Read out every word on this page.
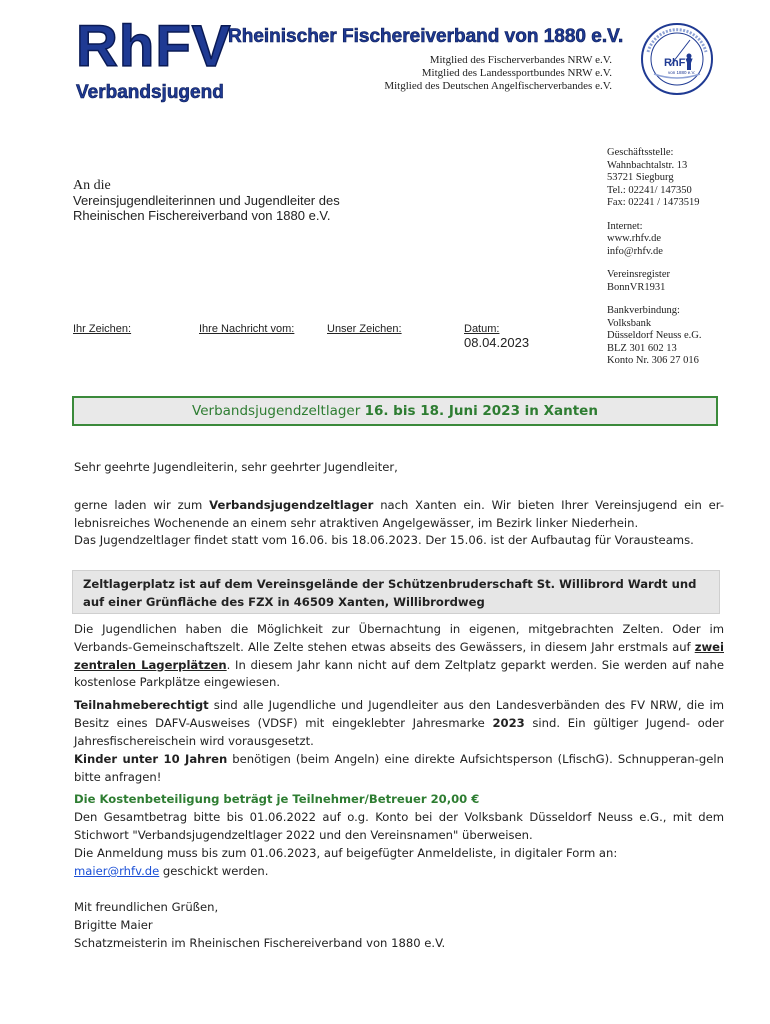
RhFV
Verbandsjugend
Rheinischer Fischereiverband von 1880 e.V.
Mitglied des Fischerverbandes NRW e.V.
Mitglied des Landessportbundes NRW e.V.
Mitglied des Deutschen Angelfischerverbandes e.V.
RhFV
von 1880 e.V.
An die
Vereinsjugendleiterinnen und Jugendleiter des
Rheinischen Fischereiverband von 1880 e.V.
Geschäftsstelle:
Wahnbachtalstr. 13
53721 Siegburg
Tel.: 02241/ 147350
Fax: 02241 / 1473519
Internet:
www.rhfv.de
info@rhfv.de
Vereinsregister
BonnVR1931
Bankverbindung:
Volksbank
Düsseldorf Neuss e.G.
BLZ 301 602 13
Konto Nr. 306 27 016
Ihr Zeichen:	Ihre Nachricht vom:	Unser Zeichen:	Datum:
08.04.2023
Verbandsjugendzeltlager 16. bis 18. Juni 2023 in Xanten
Sehr geehrte Jugendleiterin, sehr geehrter Jugendleiter,
gerne laden wir zum Verbandsjugendzeltlager nach Xanten ein. Wir bieten Ihrer Vereinsjugend ein er-lebnisreiches Wochenende an einem sehr atraktiven Angelgewässer, im Bezirk linker Niederhein.
Das Jugendzeltlager findet statt vom 16.06. bis 18.06.2023. Der 15.06. ist der Aufbautag für Vorausteams.
Zeltlagerplatz ist auf dem Vereinsgelände der Schützenbruderschaft St. Willibrord Wardt und auf einer Grünfläche des FZX in 46509 Xanten, Willibrordweg
Die Jugendlichen haben die Möglichkeit zur Übernachtung in eigenen, mitgebrachten Zelten. Oder im Verbands-Gemeinschaftszelt. Alle Zelte stehen etwas abseits des Gewässers, in diesem Jahr erstmals auf zwei zentralen Lagerplätzen. In diesem Jahr kann nicht auf dem Zeltplatz geparkt werden. Sie werden auf nahe kostenlose Parkplätze eingewiesen.
Teilnahmeberechtigt sind alle Jugendliche und Jugendleiter aus den Landesverbänden des FV NRW, die im Besitz eines DAFV-Ausweises (VDSF) mit eingeklebter Jahresmarke 2023 sind. Ein gültiger Jugend- oder Jahresfischereischein wird vorausgesetzt.
Kinder unter 10 Jahren benötigen (beim Angeln) eine direkte Aufsichtsperson (LfischG). Schnupperan-geln bitte anfragen!
Die Kostenbeteiligung beträgt je Teilnehmer/Betreuer 20,00 €
Den Gesamtbetrag bitte bis 01.06.2022 auf o.g. Konto bei der Volksbank Düsseldorf Neuss e.G., mit dem Stichwort "Verbandsjugendzeltlager 2022 und den Vereinsnamen" überweisen.
Die Anmeldung muss bis zum 01.06.2023, auf beigefügter Anmeldeliste, in digitaler Form an:
maier@rhfv.de geschickt werden.
Mit freundlichen Grüßen,
Brigitte Maier
Schatzmeisterin im Rheinischen Fischereiverband von 1880 e.V.
